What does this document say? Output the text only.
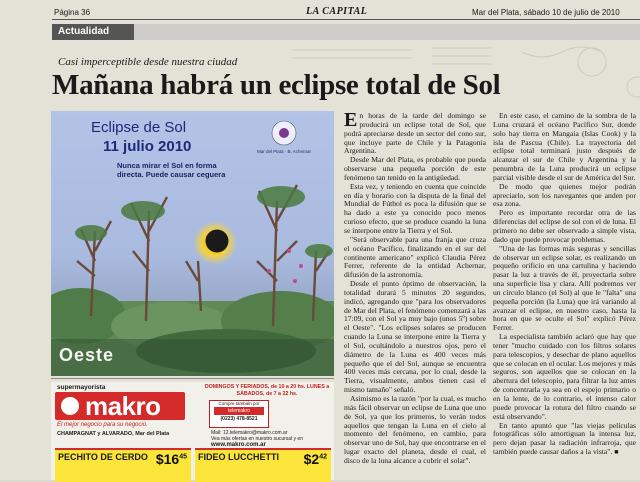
Página 36	LA CAPITAL	Mar del Plata, sábado 10 de julio de 2010
Actualidad
Casi imperceptible desde nuestra ciudad
Mañana habrá un eclipse total de Sol
Eclipse de Sol
11 julio 2010
Nunca mirar el Sol en forma directa. Puede causar ceguera
Mar del Plata · B. Achernar
Oeste

En horas de la tarde del domingo se producirá un eclipse total de Sol, que podrá apreciarse desde un sector del cono sur, que incluye parte de Chile y la Patagonia Argentina.

Desde Mar del Plata, es probable que pueda observarse una pequeña porción de este fenómeno tan tenido en la antigüedad.

Esta vez, y teniendo en cuenta que coincide en día y horario con la disputa de la final del Mundial de Fútbol es poca la difusión que se ha dado a este ya conocido poco menos curioso efecto, que se produce cuando la luna se interpone entre la Tierra y el Sol.

"Será observable para una franja que cruza el océano Pacífico, finalizando en el sur del continente americano" explicó Claudia Pérez Ferrer, referente de la entidad Achernar, difusión de la astronomía.

Desde el punto óptimo de observación, la totalidad durará 5 minutos 20 segundos, indicó, agregando que "para los observadores de Mar del Plata, el fenómeno comenzará a las 17:09, con el Sol ya muy bajo (unos 5º) sobre el Oeste". "Los eclipses solares se producen cuando la Luna se interpone entre la Tierra y el Sol, ocultándolo a nuestros ojos, pero el diámetro de la Luna es 400 veces más pequeño que el del Sol, aunque se encuentra 400 veces más cercana, por lo cual, desde la Tierra, visualmente, ambos tienen casi el mismo tamaño" señaló.

Asimismo es la razón "por la cual, es mucho más fácil observar un eclipse de Luna que uno de Sol, ya que los primeros, lo verán todos aquellos que tengan la Luna en el cielo al momento del fenómeno, en cambio, para observar uno de Sol, hay que encontrarse en el lugar exacto del planeta, desde el cual, el disco de la luna alcance a cubrir el solar".

En este caso, el camino de la sombra de la Luna cruzará el océano Pacífico Sur, donde solo hay tierra en Mangaia (Islas Cook) y la isla de Pascua (Chile). La trayectoria del eclipse total terminará justo después de alcanzar el sur de Chile y Argentina y la penumbra de la Luna producirá un eclipse parcial visible desde el sur de América del Sur.

De modo que quienes mejor podrán apreciarlo, son los navegantes que anden por esa zona.

Pero es importante recordar otra de las diferencias del eclipse de sol con el de luna. El primero no debe ser observado a simple vista, dado que puede provocar problemas.

"Una de las formas más seguras y sencillas de observar un eclipse solar, es realizando un pequeño orificio en una cartulina y haciendo pasar la luz a través de él, proyectarla sobre una superficie lisa y clara. Allí podremos ver un círculo blanco (el Sol) al que le "falta" una pequeña porción (la Luna) que irá variando al avanzar el eclipse, en nuestro caso, hasta la hora en que se oculte el Sol" explicó Pérez Ferrer.

La especialista también aclaró que hay que tener "mucho cuidado con los filtros solares para telescopios, y desechar de plano aquellos que se colocan en el ocular. Los mejores y más seguros, son aquellos que se colocan en la abertura del telescopio, para filtrar la luz antes de concentrarla ya sea en el espejo primario o en la lente, de lo contrario, el intenso calor puede provocar la rotura del filtro cuando se está observando".

En tanto apuntó que "las viejas películas fotográficas sólo amortiguan la intensa luz, pero dejan pasar la radiación infrarroja, que también puede causar daños a la vista". ■

supermayorista
makro
El mejor negocio para su negocio.
CHAMPAGNAT y ALVARADO, Mar del Plata
DOMINGOS Y FERIADOS, de 10 a 20 hs. LUNES a SÁBADOS, de 7 a 22 hs.
Compre también por
telemakro
(0223) 478-8521
Mail: 12.telemakro@makro.com.ar
Vea más ofertas en nuestro sucursal y en
www.makro.com.ar
PECHITO DE CERDO $\$16^{45}$ FIDEO LUCCHETTI $\$2^{42}$
